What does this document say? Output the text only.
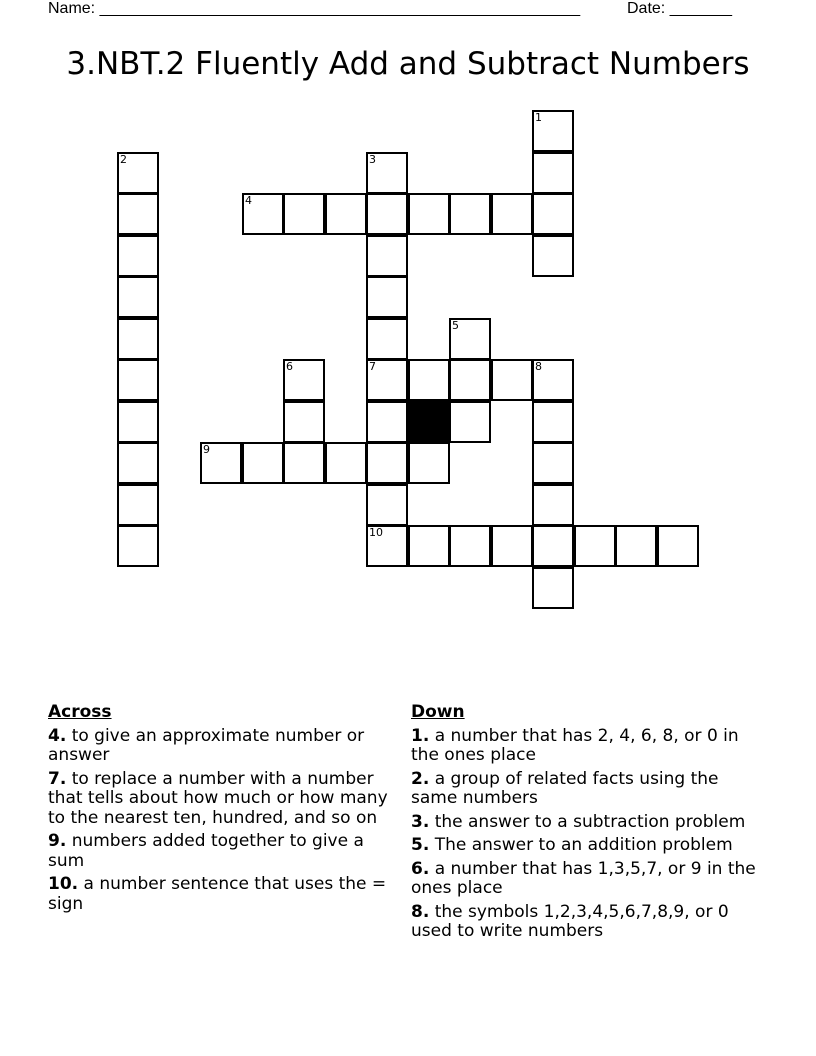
Name: ______________________________________________________	Date: _______
3.NBT.2 Fluently Add and Subtract Numbers
1
2	3
7
10
4
5
6	8
9
Across
4. to give an approximate number or answer
7. to replace a number with a number that tells about how much or how many to the nearest ten, hundred, and so on
9. numbers added together to give a sum
10. a number sentence that uses the = sign
Down
1. a number that has 2, 4, 6, 8, or 0 in the ones place
2. a group of related facts using the same numbers
3. the answer to a subtraction problem
5. The answer to an addition problem
6. a number that has 1,3,5,7, or 9 in the ones place
8. the symbols 1,2,3,4,5,6,7,8,9, or 0 used to write numbers
